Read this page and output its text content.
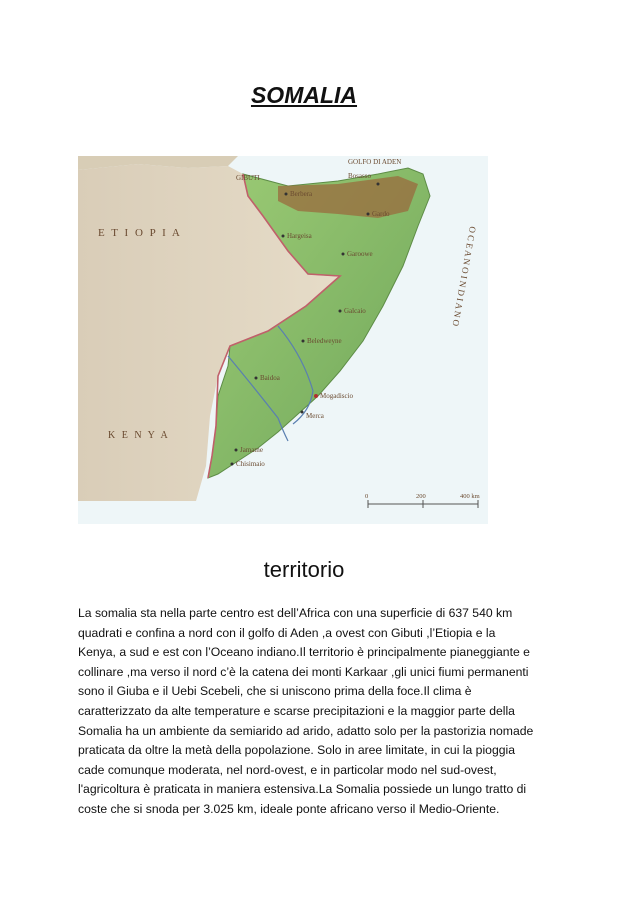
SOMALIA
E T I O P I A
K E N Y A
GIBUTI
GOLFO DI ADEN
O C E A N O I N D I A N O
Berbera
Hargeisa
Bosasso
Gardo
Garoowe
Galcaio
Beledweyne
Baidoa
Mogadiscio
Merca
Chisimaio
Jamame
0	200	400 km
territorio
La somalia sta nella parte centro est dell’Africa con una superficie di 637 540 km
quadrati e confina a nord con il golfo di Aden ,a ovest con Gibuti ,l’Etiopia e la
Kenya, a sud e est con l’Oceano indiano.Il territorio è principalmente pianeggiante e
collinare ,ma verso il nord c’è la catena dei monti Karkaar ,gli unici fiumi permanenti
sono il Giuba e il Uebi Scebeli, che si uniscono prima della foce.Il clima è
caratterizzato da alte temperature e scarse precipitazioni e la maggior parte della
Somalia ha un ambiente da semiarido ad arido, adatto solo per la pastorizia nomade
praticata da oltre la metà della popolazione. Solo in aree limitate, in cui la pioggia
cade comunque moderata, nel nord-ovest, e in particolar modo nel sud-ovest,
l'agricoltura è praticata in maniera estensiva.La Somalia possiede un lungo tratto di
coste che si snoda per 3.025 km, ideale ponte africano verso il Medio-Oriente.
